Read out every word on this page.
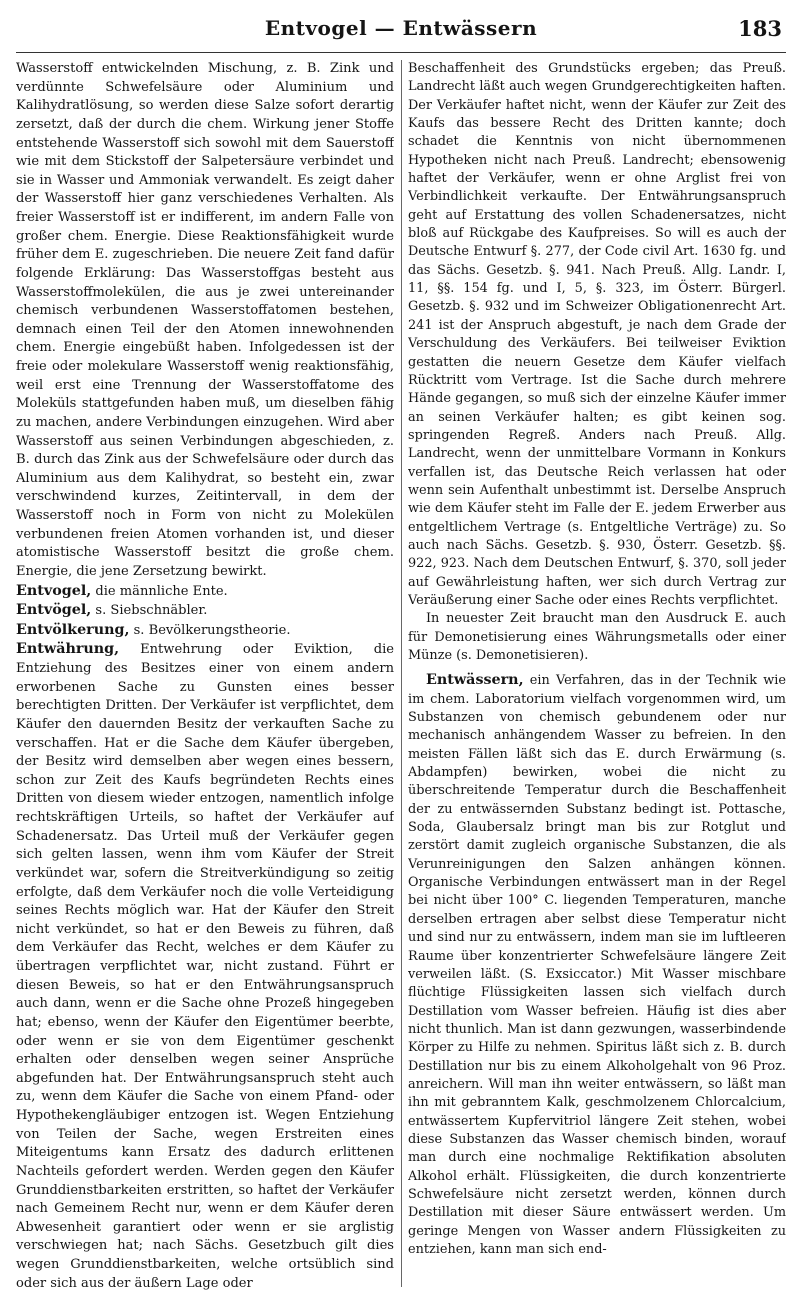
Entvogel — Entwässern	183

Wasserstoff entwickelnden Mischung, z. B. Zink und verdünnte Schwefelsäure oder Aluminium und Kalihydratlösung, so werden diese Salze sofort derartig zersetzt, daß der durch die chem. Wirkung jener Stoffe entstehende Wasserstoff sich sowohl mit dem Sauerstoff wie mit dem Stickstoff der Salpetersäure verbindet und sie in Wasser und Ammoniak verwandelt. Es zeigt daher der Wasserstoff hier ganz verschiedenes Verhalten. Als freier Wasserstoff ist er indifferent, im andern Falle von großer chem. Energie. Diese Reaktionsfähigkeit wurde früher dem E. zugeschrieben. Die neuere Zeit fand dafür folgende Erklärung: Das Wasserstoffgas besteht aus Wasserstoffmolekülen, die aus je zwei untereinander chemisch verbundenen Wasserstoffatomen bestehen, demnach einen Teil der den Atomen innewohnenden chem. Energie eingebüßt haben. Infolgedessen ist der freie oder molekulare Wasserstoff wenig reaktionsfähig, weil erst eine Trennung der Wasserstoffatome des Moleküls stattgefunden haben muß, um dieselben fähig zu machen, andere Verbindungen einzugehen. Wird aber Wasserstoff aus seinen Verbindungen abgeschieden, z. B. durch das Zink aus der Schwefelsäure oder durch das Aluminium aus dem Kalihydrat, so besteht ein, zwar verschwindend kurzes, Zeitintervall, in dem der Wasserstoff noch in Form von nicht zu Molekülen verbundenen freien Atomen vorhanden ist, und dieser atomistische Wasserstoff besitzt die große chem. Energie, die jene Zersetzung bewirkt.

Entvogel, die männliche Ente.

Entvögel, s. Siebschnäbler.

Entvölkerung, s. Bevölkerungstheorie.

Entwährung, Entwehrung oder Eviktion, die Entziehung des Besitzes einer von einem andern erworbenen Sache zu Gunsten eines besser berechtigten Dritten. Der Verkäufer ist verpflichtet, dem Käufer den dauernden Besitz der verkauften Sache zu verschaffen. Hat er die Sache dem Käufer übergeben, der Besitz wird demselben aber wegen eines bessern, schon zur Zeit des Kaufs begründeten Rechts eines Dritten von diesem wieder entzogen, namentlich infolge rechtskräftigen Urteils, so haftet der Verkäufer auf Schadenersatz. Das Urteil muß der Verkäufer gegen sich gelten lassen, wenn ihm vom Käufer der Streit verkündet war, sofern die Streitverkündigung so zeitig erfolgte, daß dem Verkäufer noch die volle Verteidigung seines Rechts möglich war. Hat der Käufer den Streit nicht verkündet, so hat er den Beweis zu führen, daß dem Verkäufer das Recht, welches er dem Käufer zu übertragen verpflichtet war, nicht zustand. Führt er diesen Beweis, so hat er den Entwährungsanspruch auch dann, wenn er die Sache ohne Prozeß hingegeben hat; ebenso, wenn der Käufer den Eigentümer beerbte, oder wenn er sie von dem Eigentümer geschenkt erhalten oder denselben wegen seiner Ansprüche abgefunden hat. Der Entwährungsanspruch steht auch zu, wenn dem Käufer die Sache von einem Pfand- oder Hypothekengläubiger entzogen ist. Wegen Entziehung von Teilen der Sache, wegen Erstreiten eines Miteigentums kann Ersatz des dadurch erlittenen Nachteils gefordert werden. Werden gegen den Käufer Grunddienstbarkeiten erstritten, so haftet der Verkäufer nach Gemeinem Recht nur, wenn er dem Käufer deren Abwesenheit garantiert oder wenn er sie arglistig verschwiegen hat; nach Sächs. Gesetzbuch gilt dies wegen Grunddienstbarkeiten, welche ortsüblich sind oder sich aus der äußern Lage oder

Beschaffenheit des Grundstücks ergeben; das Preuß. Landrecht läßt auch wegen Grundgerechtigkeiten haften. Der Verkäufer haftet nicht, wenn der Käufer zur Zeit des Kaufs das bessere Recht des Dritten kannte; doch schadet die Kenntnis von nicht übernommenen Hypotheken nicht nach Preuß. Landrecht; ebensowenig haftet der Verkäufer, wenn er ohne Arglist frei von Verbindlichkeit verkaufte. Der Entwährungsanspruch geht auf Erstattung des vollen Schadenersatzes, nicht bloß auf Rückgabe des Kaufpreises. So will es auch der Deutsche Entwurf §. 277, der Code civil Art. 1630 fg. und das Sächs. Gesetzb. §. 941. Nach Preuß. Allg. Landr. I, 11, §§. 154 fg. und I, 5, §. 323, im Österr. Bürgerl. Gesetzb. §. 932 und im Schweizer Obligationenrecht Art. 241 ist der Anspruch abgestuft, je nach dem Grade der Verschuldung des Verkäufers. Bei teilweiser Eviktion gestatten die neuern Gesetze dem Käufer vielfach Rücktritt vom Vertrage. Ist die Sache durch mehrere Hände gegangen, so muß sich der einzelne Käufer immer an seinen Verkäufer halten; es gibt keinen sog. springenden Regreß. Anders nach Preuß. Allg. Landrecht, wenn der unmittelbare Vormann in Konkurs verfallen ist, das Deutsche Reich verlassen hat oder wenn sein Aufenthalt unbestimmt ist. Derselbe Anspruch wie dem Käufer steht im Falle der E. jedem Erwerber aus entgeltlichem Vertrage (s. Entgeltliche Verträge) zu. So auch nach Sächs. Gesetzb. §. 930, Österr. Gesetzb. §§. 922, 923. Nach dem Deutschen Entwurf, §. 370, soll jeder auf Gewährleistung haften, wer sich durch Vertrag zur Veräußerung einer Sache oder eines Rechts verpflichtet.

In neuester Zeit braucht man den Ausdruck E. auch für Demonetisierung eines Währungsmetalls oder einer Münze (s. Demonetisieren).

Entwässern, ein Verfahren, das in der Technik wie im chem. Laboratorium vielfach vorgenommen wird, um Substanzen von chemisch gebundenem oder nur mechanisch anhängendem Wasser zu befreien. In den meisten Fällen läßt sich das E. durch Erwärmung (s. Abdampfen) bewirken, wobei die nicht zu überschreitende Temperatur durch die Beschaffenheit der zu entwässernden Substanz bedingt ist. Pottasche, Soda, Glaubersalz bringt man bis zur Rotglut und zerstört damit zugleich organische Substanzen, die als Verunreinigungen den Salzen anhängen können. Organische Verbindungen entwässert man in der Regel bei nicht über 100° C. liegenden Temperaturen, manche derselben ertragen aber selbst diese Temperatur nicht und sind nur zu entwässern, indem man sie im luftleeren Raume über konzentrierter Schwefelsäure längere Zeit verweilen läßt. (S. Exsiccator.) Mit Wasser mischbare flüchtige Flüssigkeiten lassen sich vielfach durch Destillation vom Wasser befreien. Häufig ist dies aber nicht thunlich. Man ist dann gezwungen, wasserbindende Körper zu Hilfe zu nehmen. Spiritus läßt sich z. B. durch Destillation nur bis zu einem Alkoholgehalt von 96 Proz. anreichern. Will man ihn weiter entwässern, so läßt man ihn mit gebranntem Kalk, geschmolzenem Chlorcalcium, entwässertem Kupfervitriol längere Zeit stehen, wobei diese Substanzen das Wasser chemisch binden, worauf man durch eine nochmalige Rektifikation absoluten Alkohol erhält. Flüssigkeiten, die durch konzentrierte Schwefelsäure nicht zersetzt werden, können durch Destillation mit dieser Säure entwässert werden. Um geringe Mengen von Wasser andern Flüssigkeiten zu entziehen, kann man sich end-
